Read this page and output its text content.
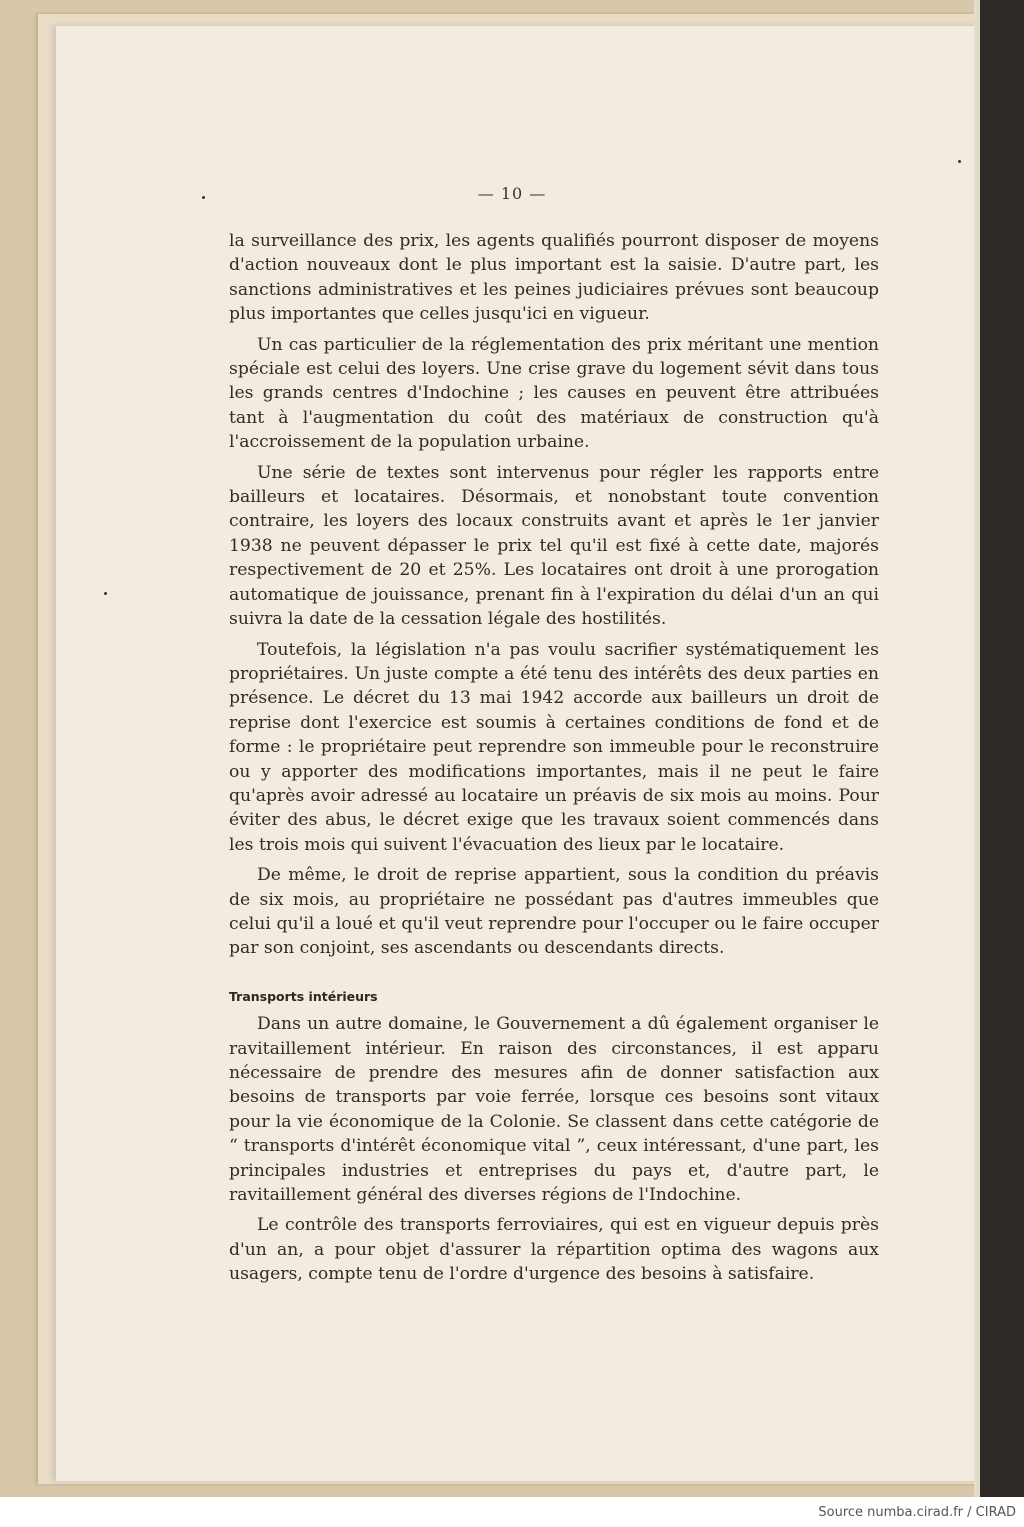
— 10 —

la surveillance des prix, les agents qualifiés pourront disposer de moyens d'action nouveaux dont le plus important est la saisie. D'autre part, les sanctions administratives et les peines judiciaires prévues sont beaucoup plus importantes que celles jusqu'ici en vigueur.

Un cas particulier de la réglementation des prix méritant une mention spéciale est celui des loyers. Une crise grave du logement sévit dans tous les grands centres d'Indochine ; les causes en peuvent être attribuées tant à l'augmentation du coût des matériaux de construction qu'à l'accroissement de la population urbaine.

Une série de textes sont intervenus pour régler les rapports entre bailleurs et locataires. Désormais, et nonobstant toute convention contraire, les loyers des locaux construits avant et après le 1er janvier 1938 ne peuvent dépasser le prix tel qu'il est fixé à cette date, majorés respectivement de 20 et 25%. Les locataires ont droit à une prorogation automatique de jouissance, prenant fin à l'expiration du délai d'un an qui suivra la date de la cessation légale des hostilités.

Toutefois, la législation n'a pas voulu sacrifier systématiquement les propriétaires. Un juste compte a été tenu des intérêts des deux parties en présence. Le décret du 13 mai 1942 accorde aux bailleurs un droit de reprise dont l'exercice est soumis à certaines conditions de fond et de forme : le propriétaire peut reprendre son immeuble pour le reconstruire ou y apporter des modifications importantes, mais il ne peut le faire qu'après avoir adressé au locataire un préavis de six mois au moins. Pour éviter des abus, le décret exige que les travaux soient commencés dans les trois mois qui suivent l'évacuation des lieux par le locataire.

De même, le droit de reprise appartient, sous la condition du préavis de six mois, au propriétaire ne possédant pas d'autres immeubles que celui qu'il a loué et qu'il veut reprendre pour l'occuper ou le faire occuper par son conjoint, ses ascendants ou descendants directs.

Transports intérieurs

Dans un autre domaine, le Gouvernement a dû également organiser le ravitaillement intérieur. En raison des circonstances, il est apparu nécessaire de prendre des mesures afin de donner satisfaction aux besoins de transports par voie ferrée, lorsque ces besoins sont vitaux pour la vie économique de la Colonie. Se classent dans cette catégorie de “ transports d'intérêt économique vital ”, ceux intéressant, d'une part, les principales industries et entreprises du pays et, d'autre part, le ravitaillement général des diverses régions de l'Indochine.

Le contrôle des transports ferroviaires, qui est en vigueur depuis près d'un an, a pour objet d'assurer la répartition optima des wagons aux usagers, compte tenu de l'ordre d'urgence des besoins à satisfaire.

Source numba.cirad.fr / CIRAD
